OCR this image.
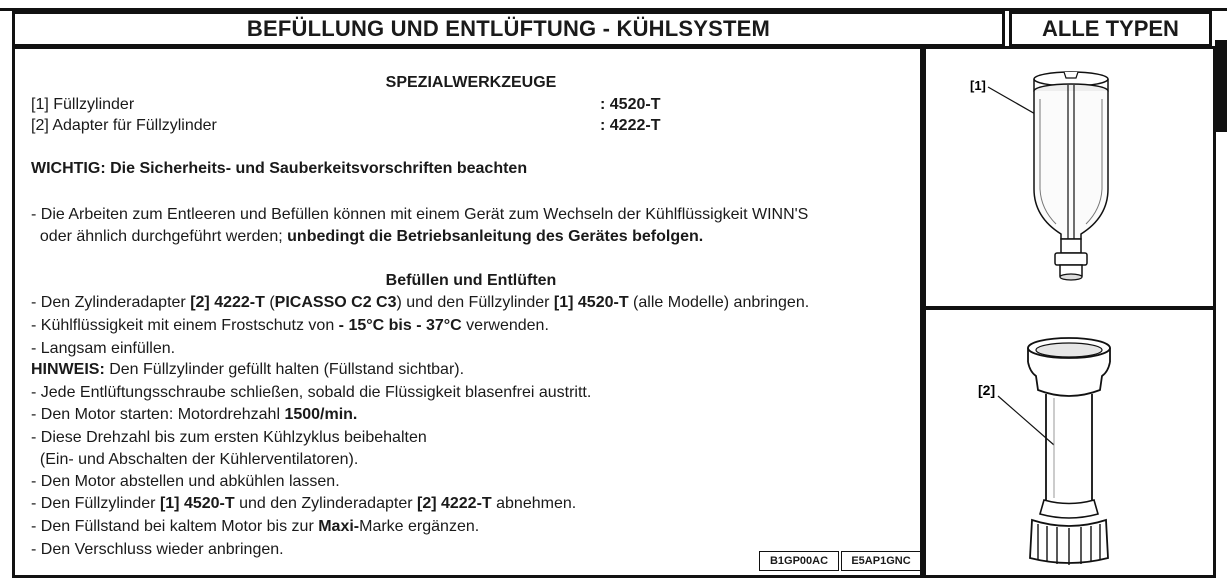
BEFÜLLUNG UND ENTLÜFTUNG - KÜHLSYSTEM	ALLE TYPEN
SPEZIALWERKZEUGE
[1] Füllzylinder	: 4520-T
[2] Adapter für Füllzylinder	: 4222-T
WICHTIG: Die Sicherheits- und Sauberkeitsvorschriften beachten
- Die Arbeiten zum Entleeren und Befüllen können mit einem Gerät zum Wechseln der Kühlflüssigkeit WINN'S
oder ähnlich durchgeführt werden; unbedingt die Betriebsanleitung des Gerätes befolgen.
Befüllen und Entlüften
- Den Zylinderadapter [2] 4222-T (PICASSO C2 C3) und den Füllzylinder [1] 4520-T (alle Modelle) anbringen.
- Kühlflüssigkeit mit einem Frostschutz von - 15°C bis - 37°C verwenden.
- Langsam einfüllen.
HINWEIS: Den Füllzylinder gefüllt halten (Füllstand sichtbar).
- Jede Entlüftungsschraube schließen, sobald die Flüssigkeit blasenfrei austritt.
- Den Motor starten: Motordrehzahl 1500/min.
- Diese Drehzahl bis zum ersten Kühlzyklus beibehalten
(Ein- und Abschalten der Kühlerventilatoren).
- Den Motor abstellen und abkühlen lassen.
- Den Füllzylinder [1] 4520-T und den Zylinderadapter [2] 4222-T abnehmen.
- Den Füllstand bei kaltem Motor bis zur Maxi-Marke ergänzen.
- Den Verschluss wieder anbringen.
B1GP00AC	E5AP1GNC
[1]
[2]
